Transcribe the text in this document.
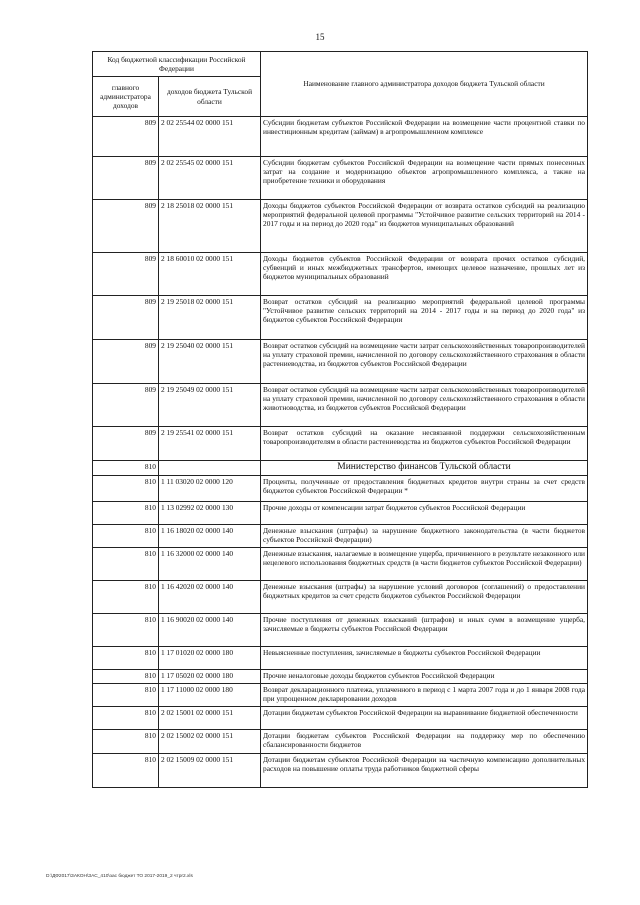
15
Код бюджетной классификации Российской Федерации		Наименование главного администратора доходов бюджета Тульской области
главного администратора доходов	доходов бюджета Тульской области	
809	2 02 25544 02 0000 151	Субсидии бюджетам субъектов Российской Федерации на возмещение части процентной ставки по инвестиционным кредитам (займам) в агропромышленном комплексе
809	2 02 25545 02 0000 151	Субсидии бюджетам субъектов Российской Федерации на возмещение части прямых понесенных затрат на создание и модернизацию объектов агропромышленного комплекса, а также на приобретение техники и оборудования
809	2 18 25018 02 0000 151	Доходы бюджетов субъектов Российской Федерации от возврата остатков субсидий на реализацию мероприятий федеральной целевой программы "Устойчивое развитие сельских территорий на 2014 - 2017 годы и на период до 2020 года" из бюджетов муниципальных образований
809	2 18 60010 02 0000 151	Доходы бюджетов субъектов Российской Федерации от возврата прочих остатков субсидий, субвенций и иных межбюджетных трансфертов, имеющих целевое назначение, прошлых лет из бюджетов муниципальных образований
809	2 19 25018 02 0000 151	Возврат остатков субсидий на реализацию мероприятий федеральной целевой программы "Устойчивое развитие сельских территорий на 2014 - 2017 годы и на период до 2020 года" из бюджетов субъектов Российской Федерации
809	2 19 25040 02 0000 151	Возврат остатков субсидий на возмещение части затрат сельскохозяйственных товаропроизводителей на уплату страховой премии, начисленной по договору сельскохозяйственного страхования в области растениеводства, из бюджетов субъектов Российской Федерации
809	2 19 25049 02 0000 151	Возврат остатков субсидий на возмещение части затрат сельскохозяйственных товаропроизводителей на уплату страховой премии, начисленной по договору сельскохозяйственного страхования в области животноводства, из бюджетов субъектов Российской Федерации
809	2 19 25541 02 0000 151	Возврат остатков субсидий на оказание несвязанной поддержки сельскохозяйственным товаропроизводителям в области растениеводства из бюджетов субъектов Российской Федерации
810		Министерство финансов Тульской области
810	1 11 03020 02 0000 120	Проценты, полученные от предоставления бюджетных кредитов внутри страны за счет средств бюджетов субъектов Российской Федерации *
810	1 13 02992 02 0000 130	Прочие доходы от компенсации затрат бюджетов субъектов Российской Федерации
810	1 16 18020 02 0000 140	Денежные взыскания (штрафы) за нарушение бюджетного законодательства (в части бюджетов субъектов Российской Федерации)
810	1 16 32000 02 0000 140	Денежные взыскания, налагаемые в возмещение ущерба, причиненного в результате незаконного или нецелевого использования бюджетных средств (в части бюджетов субъектов Российской Федерации)
810	1 16 42020 02 0000 140	Денежные взыскания (штрафы) за нарушение условий договоров (соглашений) о предоставлении бюджетных кредитов за счет средств бюджетов субъектов Российской Федерации
810	1 16 90020 02 0000 140	Прочие поступления от денежных взысканий (штрафов) и иных сумм в возмещение ущерба, зачисляемые в бюджеты субъектов Российской Федерации
810	1 17 01020 02 0000 180	Невыясненные поступления, зачисляемые в бюджеты субъектов Российской Федерации
810	1 17 05020 02 0000 180	Прочие неналоговые доходы бюджетов субъектов Российской Федерации
810	1 17 11000 02 0000 180	Возврат декларационного платежа, уплаченного в период с 1 марта 2007 года и до 1 января 2008 года при упрощенном декларировании доходов
810	2 02 15001 02 0000 151	Дотации бюджетам субъектов Российской Федерации на выравнивание бюджетной обеспеченности
810	2 02 15002 02 0000 151	Дотации бюджетам субъектов Российской Федерации на поддержку мер по обеспечению сбалансированности бюджетов
810	2 02 15009 02 0000 151	Дотации бюджетам субъектов Российской Федерации на частичную компенсацию дополнительных расходов на повышение оплаты труда работников бюджетной сферы
D:\ДФ2017\ЗАКОН\ЗАС_410\зас бюджет ТО 2017-2019_2 чтpr2.xls
